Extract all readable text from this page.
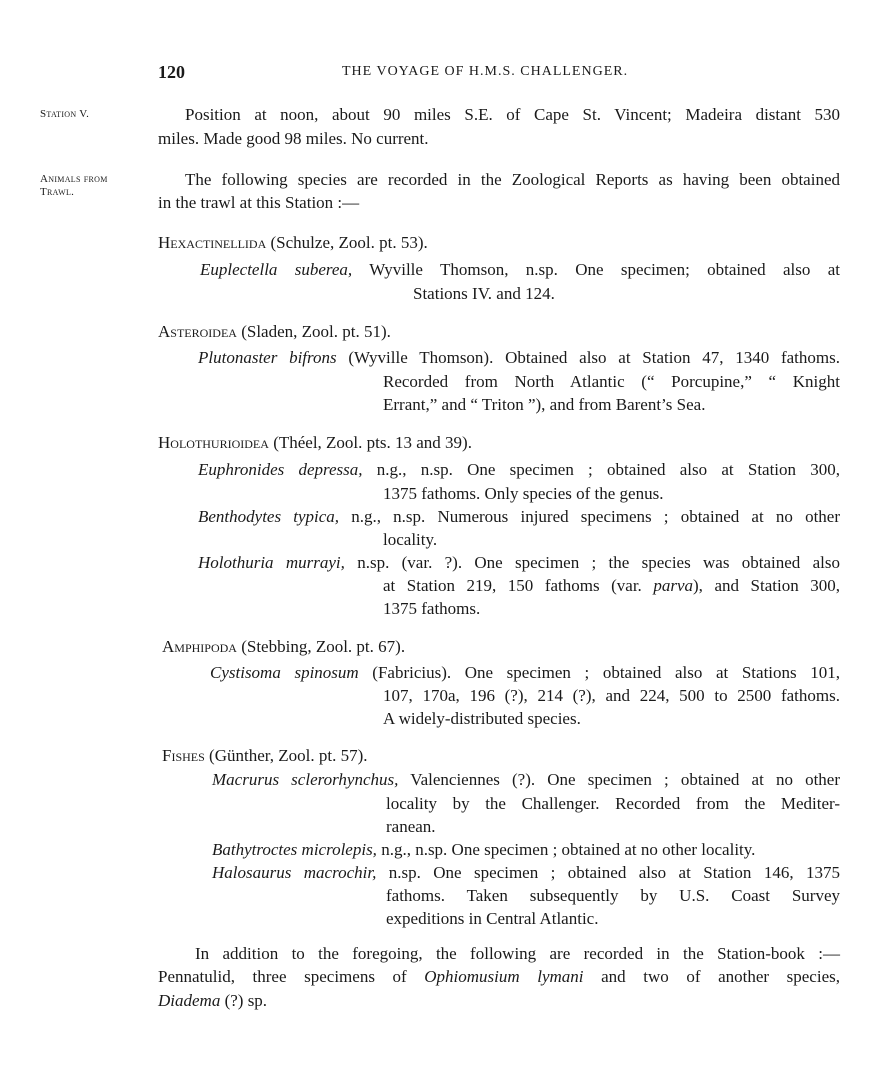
120	THE VOYAGE OF H.M.S. CHALLENGER.
Station V.
Animals from
Trawl.
Position at noon, about 90 miles S.E. of Cape St. Vincent; Madeira distant 530
miles. Made good 98 miles. No current.
The following species are recorded in the Zoological Reports as having been obtained
in the trawl at this Station :—
Hexactinellida (Schulze, Zool. pt. 53).
Euplectella suberea, Wyville Thomson, n.sp. One specimen; obtained also at
Stations IV. and 124.
Asteroidea (Sladen, Zool. pt. 51).
Plutonaster bifrons (Wyville Thomson). Obtained also at Station 47, 1340 fathoms.
Recorded from North Atlantic (“ Porcupine,” “ Knight
Errant,” and “ Triton ”), and from Barent’s Sea.
Holothurioidea (Théel, Zool. pts. 13 and 39).
Euphronides depressa, n.g., n.sp. One specimen ; obtained also at Station 300,
1375 fathoms. Only species of the genus.
Benthodytes typica, n.g., n.sp. Numerous injured specimens ; obtained at no other
locality.
Holothuria murrayi, n.sp. (var. ?). One specimen ; the species was obtained also
at Station 219, 150 fathoms (var. parva), and Station 300,
1375 fathoms.
Amphipoda (Stebbing, Zool. pt. 67).
Cystisoma spinosum (Fabricius). One specimen ; obtained also at Stations 101,
107, 170a, 196 (?), 214 (?), and 224, 500 to 2500 fathoms.
A widely-distributed species.
Fishes (Günther, Zool. pt. 57).
Macrurus sclerorhynchus, Valenciennes (?). One specimen ; obtained at no other
locality by the Challenger. Recorded from the Mediter-
ranean.
Bathytroctes microlepis, n.g., n.sp. One specimen ; obtained at no other locality.
Halosaurus macrochir, n.sp. One specimen ; obtained also at Station 146, 1375
fathoms. Taken subsequently by U.S. Coast Survey
expeditions in Central Atlantic.
In addition to the foregoing, the following are recorded in the Station-book :—
Pennatulid, three specimens of Ophiomusium lymani and two of another species,
Diadema (?) sp.
